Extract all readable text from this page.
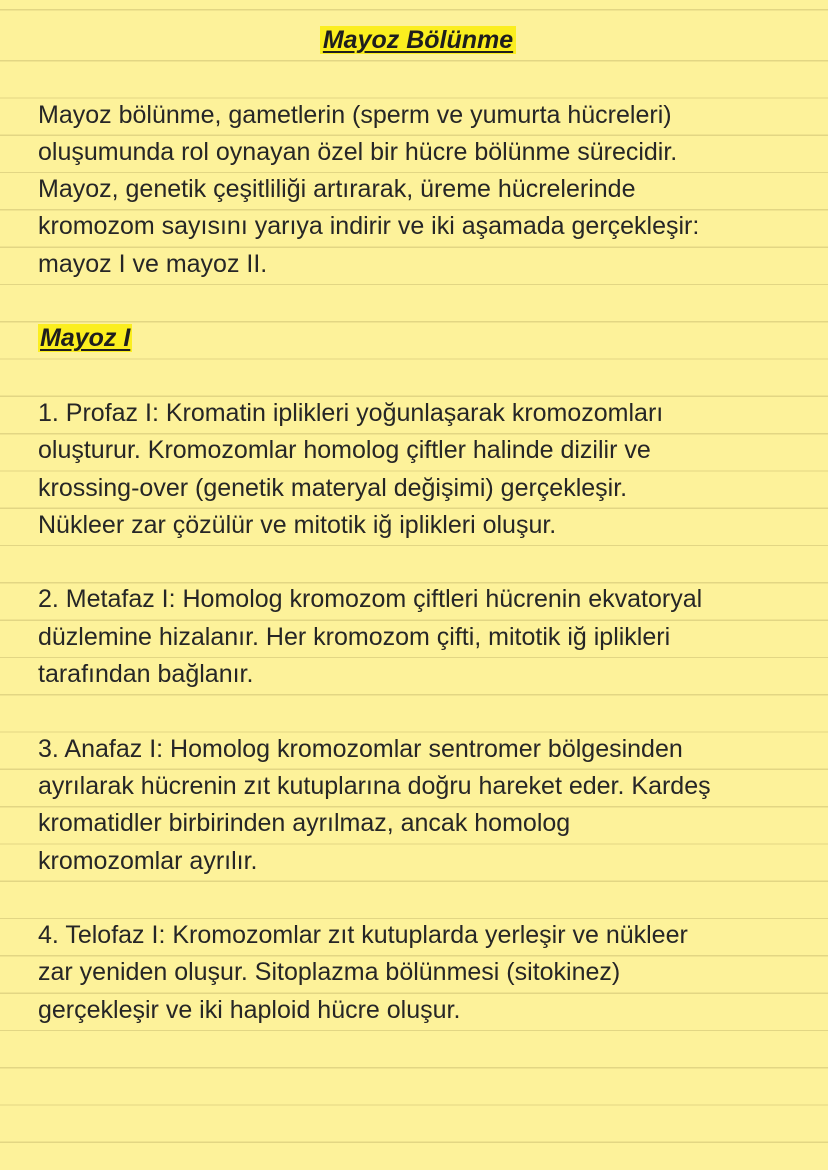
Mayoz Bölünme

Mayoz bölünme, gametlerin (sperm ve yumurta hücreleri)

oluşumunda rol oynayan özel bir hücre bölünme sürecidir.

Mayoz, genetik çeşitliliği artırarak, üreme hücrelerinde

kromozom sayısını yarıya indirir ve iki aşamada gerçekleşir:

mayoz I ve mayoz II.

Mayoz I

1. Profaz I: Kromatin iplikleri yoğunlaşarak kromozomları

oluşturur. Kromozomlar homolog çiftler halinde dizilir ve

krossing-over (genetik materyal değişimi) gerçekleşir.

Nükleer zar çözülür ve mitotik iğ iplikleri oluşur.

2. Metafaz I: Homolog kromozom çiftleri hücrenin ekvatoryal

düzlemine hizalanır. Her kromozom çifti, mitotik iğ iplikleri

tarafından bağlanır.

3. Anafaz I: Homolog kromozomlar sentromer bölgesinden

ayrılarak hücrenin zıt kutuplarına doğru hareket eder. Kardeş

kromatidler birbirinden ayrılmaz, ancak homolog

kromozomlar ayrılır.

4. Telofaz I: Kromozomlar zıt kutuplarda yerleşir ve nükleer

zar yeniden oluşur. Sitoplazma bölünmesi (sitokinez)

gerçekleşir ve iki haploid hücre oluşur.
